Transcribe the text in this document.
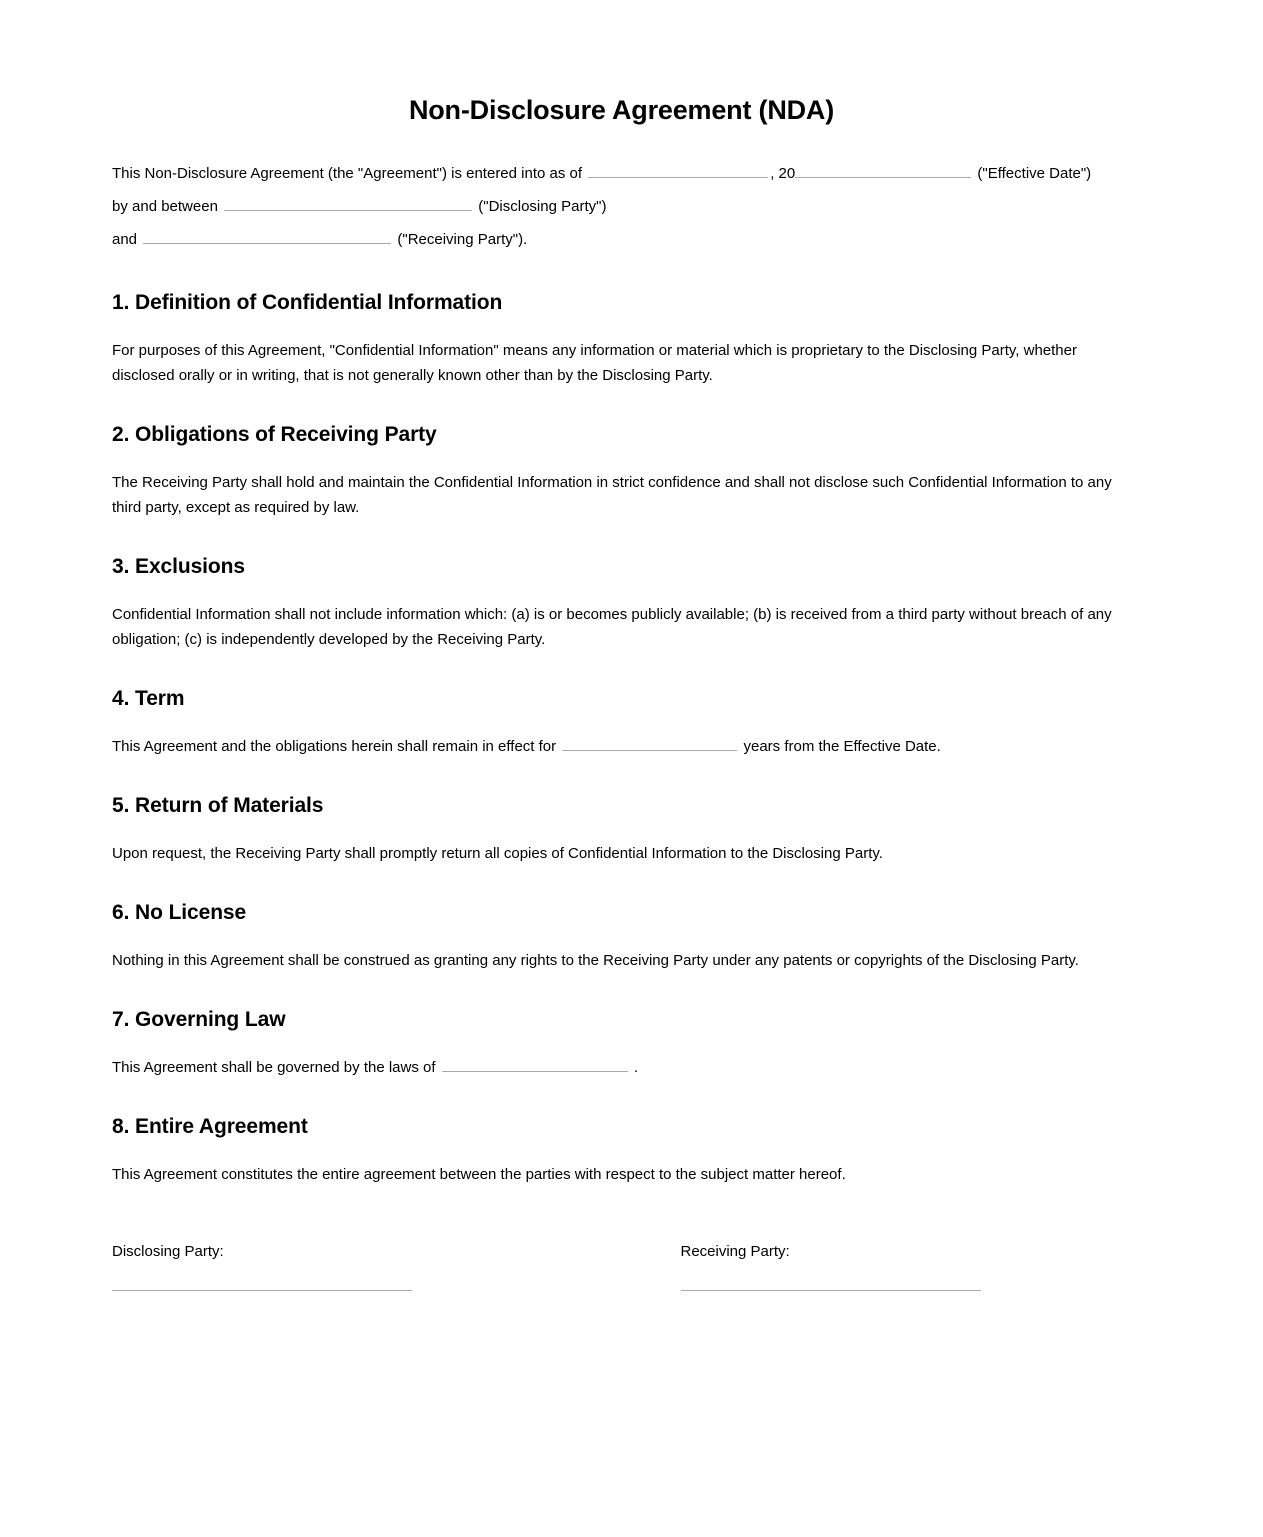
Non-Disclosure Agreement (NDA)
This Non-Disclosure Agreement (the "Agreement") is entered into as of	, 20	("Effective Date")
by and between	("Disclosing Party")
and	("Receiving Party").
1. Definition of Confidential Information

For purposes of this Agreement, "Confidential Information" means any information or material which is proprietary to the Disclosing Party, whether disclosed orally or in writing, that is not generally known other than by the Disclosing Party.

2. Obligations of Receiving Party

The Receiving Party shall hold and maintain the Confidential Information in strict confidence and shall not disclose such Confidential Information to any third party, except as required by law.

3. Exclusions

Confidential Information shall not include information which: (a) is or becomes publicly available; (b) is received from a third party without breach of any obligation; (c) is independently developed by the Receiving Party.

4. Term

This Agreement and the obligations herein shall remain in effect for	years from the Effective Date.

5. Return of Materials

Upon request, the Receiving Party shall promptly return all copies of Confidential Information to the Disclosing Party.

6. No License

Nothing in this Agreement shall be construed as granting any rights to the Receiving Party under any patents or copyrights of the Disclosing Party.

7. Governing Law

This Agreement shall be governed by the laws of	.

8. Entire Agreement

This Agreement constitutes the entire agreement between the parties with respect to the subject matter hereof.

Disclosing Party:	Receiving Party:
